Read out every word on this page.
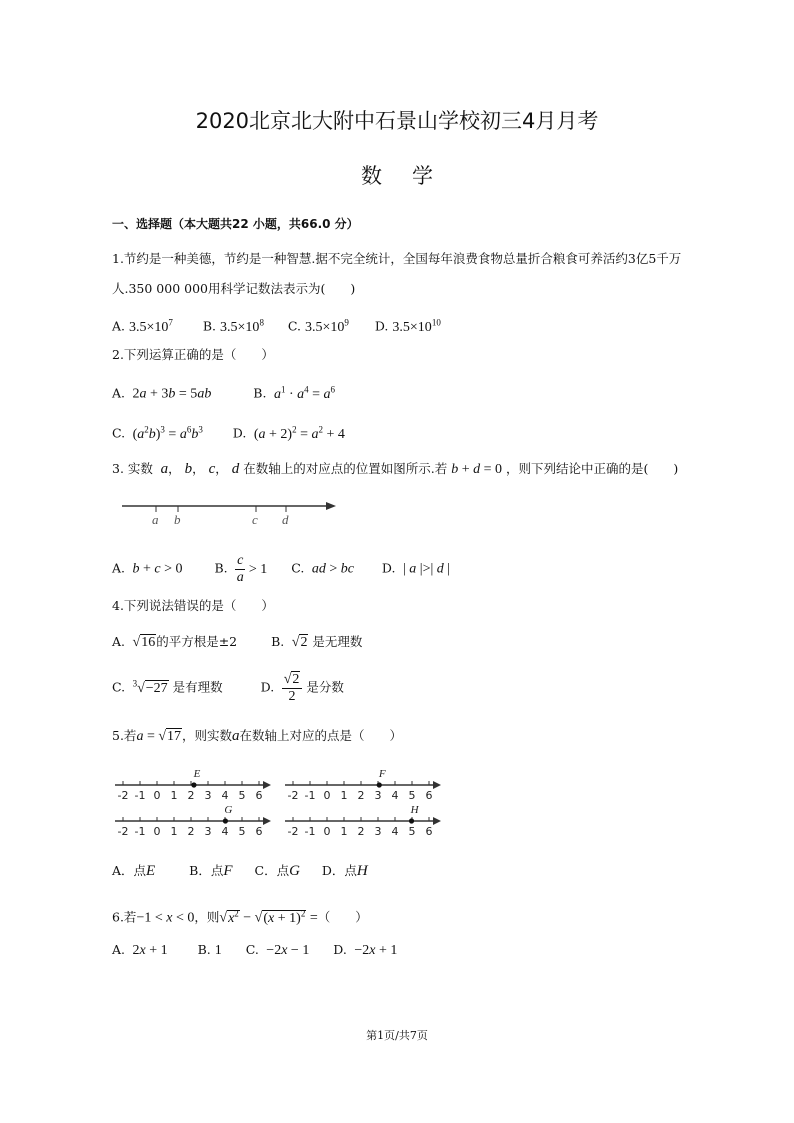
2020北京北大附中石景山学校初三4月月考
数学
一、选择题（本大题共22 小题，共66.0 分）
1.节约是一种美德，节约是一种智慧.据不完全统计，全国每年浪费食物总量折合粮食可养活约3亿5千万
人.350 000 000用科学记数法表示为(　　)
A. $3.5\times 10^7$ B. $3.5\times 10^8$ C. $3.5\times 10^9$ D. $3.5\times 10^{10}$
2.下列运算正确的是（　　）
A.  2a + 3b = 5ab	B. $a^1 \cdot a^4 = a^6$
C.  $(a^2b)^3 = a^6b^3$ D.  $(a + 2)^2 = a^2 + 4$
3. 实数  a， b， c， d 在数轴上的对应点的位置如图所示.若 b + d = 0 ，则下列结论中正确的是(　　)
a b	c d
A. b + c > 0	B. $\frac{c}{a} > 1$ C. ad > bc D.  | a |>| d |
4.下列说法错误的是（　　）
A.  √16的平方根是±2	B.  √2 是无理数
C. $^3$√−27 是有理数	D. $\frac{√2}{2}$ 是分数
5.若a = √17，则实数a在数轴上对应的点是（　　）
-2 -1 0 1 2 3 4 5 6
E
-2 -1 0 1 2 3 4 5 6
F
-2 -1 0 1 2 3 4 5 6
G
-2 -1 0 1 2 3 4 5 6
H
A．点E	B．点F C．点G D．点H
6.若−1 < x < 0，则$√x^2 - √(x + 1)^2$ =（　　）
A.  2x + 1 B. 1 C.  −2x − 1 D.  −2x + 1
第1页/共7页
